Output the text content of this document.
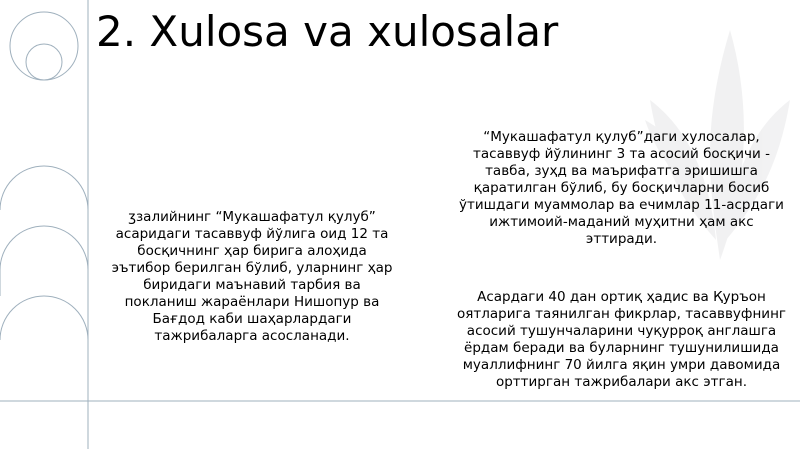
2. Xulosa va xulosalar

ӡзалийнинг “Мукашафатул қулуб”
асаридаги тасаввуф йўлига оид 12 та
босқичнинг ҳар бирига алоҳида
эътибор берилган бўлиб, уларнинг ҳар
биридаги маънавий тарбия ва
покланиш жараёнлари Нишопур ва
Бағдод каби шаҳарлардаги
тажрибаларга асосланади.

“Мукашафатул қулуб”даги хулосалар,
тасаввуф йўлининг 3 та асосий босқичи -
тавба, зуҳд ва маърифатга эришишга
қаратилган бўлиб, бу босқичларни босиб
ўтишдаги муаммолар ва ечимлар 11-асрдаги
ижтимоий-маданий муҳитни ҳам акс
эттиради.

Асардаги 40 дан ортиқ ҳадис ва Қуръон
оятларига таянилган фикрлар, тасаввуфнинг
асосий тушунчаларини чуқурроқ англашга
ёрдам беради ва буларнинг тушунилишида
муаллифнинг 70 йилга яқин умри давомида
орттирган тажрибалари акс этган.
